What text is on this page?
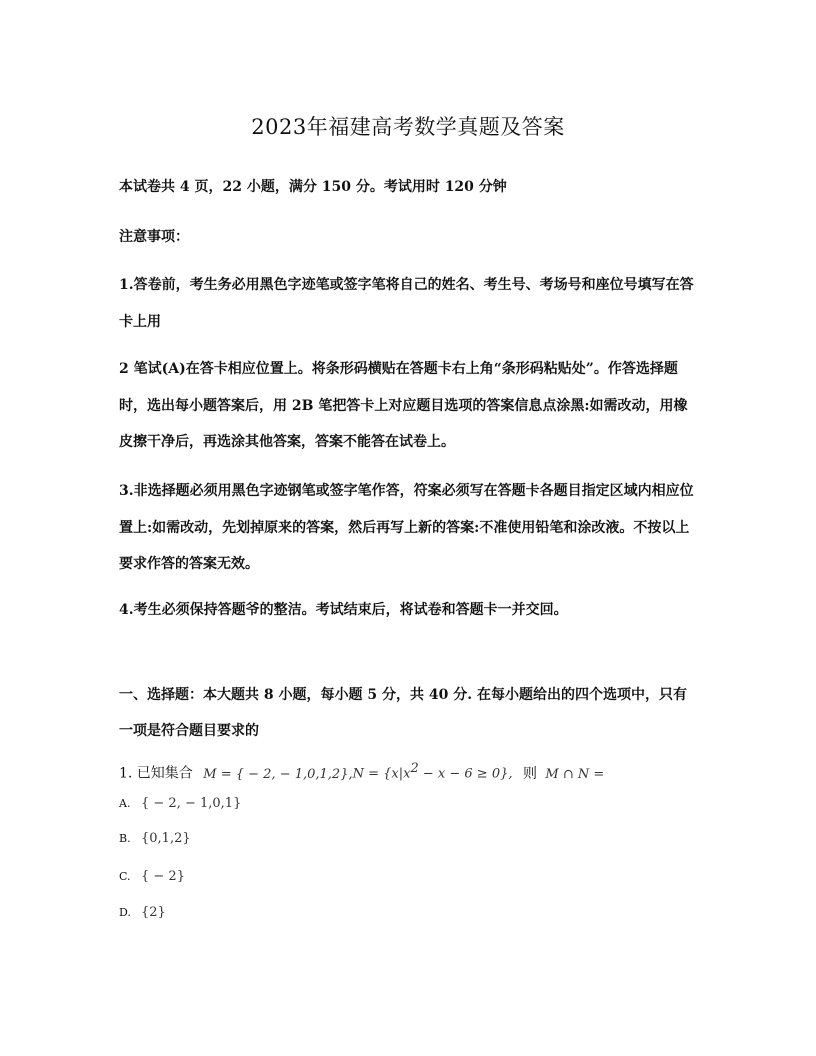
2023年福建高考数学真题及答案
本试卷共 4 页，22 小题，满分 150 分。考试用时 120 分钟
注意事项：
1.答卷前，考生务必用黑色字迹笔或签字笔将自己的姓名、考生号、考场号和座位号填写在答
卡上用
2 笔试(A)在答卡相应位置上。将条形码横贴在答题卡右上角“条形码粘贴处”。作答选择题
时，选出每小题答案后，用 2B 笔把答卡上对应题目选项的答案信息点涂黑:如需改动，用橡
皮擦干净后，再选涂其他答案，答案不能答在试卷上。
3.非选择题必须用黑色字迹钢笔或签字笔作答，符案必须写在答题卡各题目指定区域内相应位
置上:如需改动，先划掉原来的答案，然后再写上新的答案:不准使用铅笔和涂改液。不按以上
要求作答的答案无效。
4.考生必须保持答题爷的整洁。考试结束后，将试卷和答题卡一并交回。
一、选择题：本大题共 8 小题，每小题 5 分，共 40 分. 在每小题给出的四个选项中，只有
一项是符合题目要求的
1. 已知集合 M = { − 2, − $1,0,1,2\},N = \{x|x^2 - x - 6 \ge 0\}$, 则 M ∩ N =
A. { − 2, − 1,0,1}
B. {0,1,2}
C. { − 2}
D. {2}
